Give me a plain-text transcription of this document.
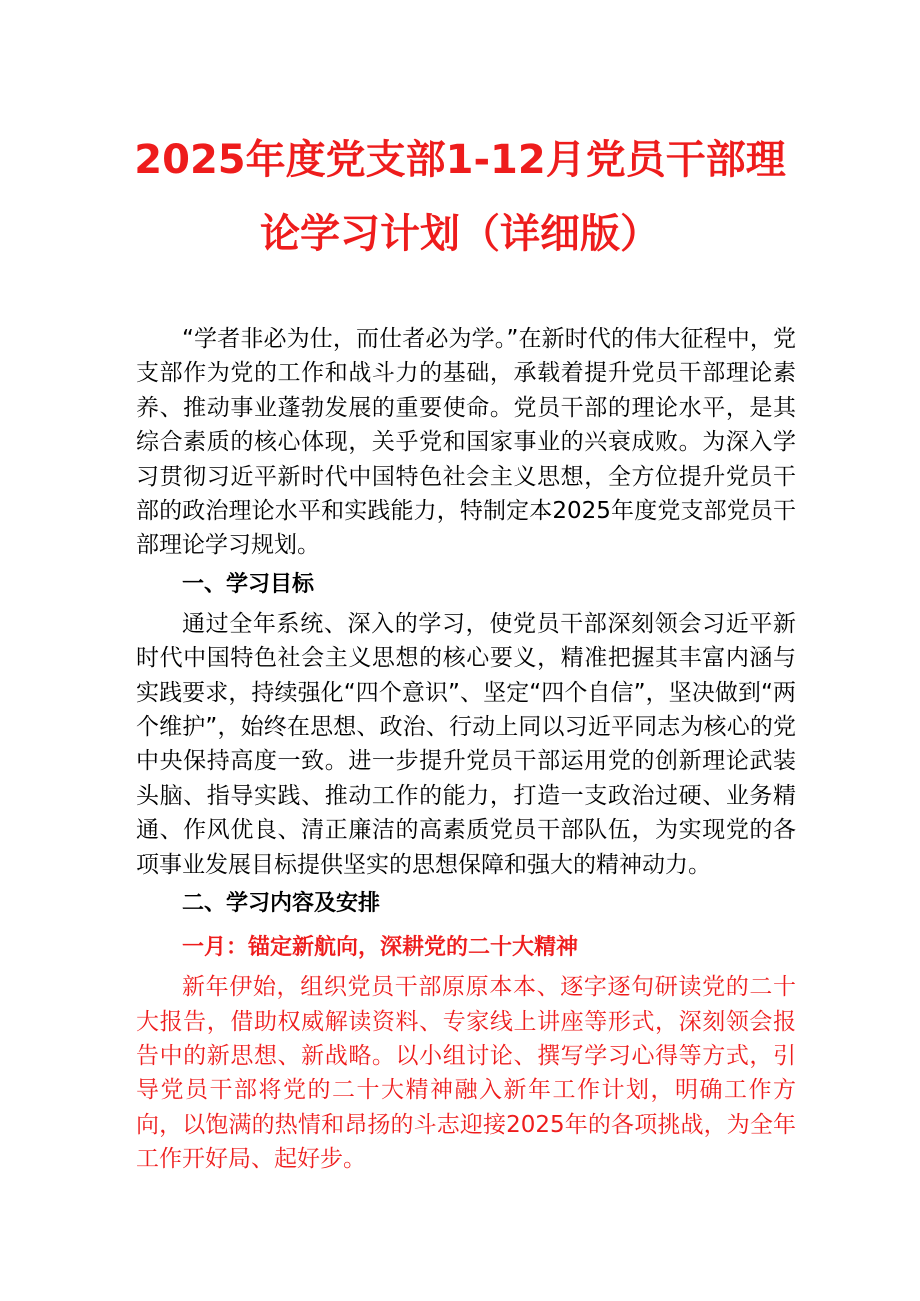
2025年度党支部1-12月党员干部理
论学习计划（详细版）

“学者非必为仕，而仕者必为学。”在新时代的伟大征程中，党支部作为党的工作和战斗力的基础，承载着提升党员干部理论素养、推动事业蓬勃发展的重要使命。党员干部的理论水平，是其综合素质的核心体现，关乎党和国家事业的兴衰成败。为深入学习贯彻习近平新时代中国特色社会主义思想，全方位提升党员干部的政治理论水平和实践能力，特制定本2025年度党支部党员干部理论学习规划。

一、学习目标

通过全年系统、深入的学习，使党员干部深刻领会习近平新时代中国特色社会主义思想的核心要义，精准把握其丰富内涵与实践要求，持续强化“四个意识”、坚定“四个自信”，坚决做到“两个维护”，始终在思想、政治、行动上同以习近平同志为核心的党中央保持高度一致。进一步提升党员干部运用党的创新理论武装头脑、指导实践、推动工作的能力，打造一支政治过硬、业务精通、作风优良、清正廉洁的高素质党员干部队伍，为实现党的各项事业发展目标提供坚实的思想保障和强大的精神动力。

二、学习内容及安排

一月：锚定新航向，深耕党的二十大精神

新年伊始，组织党员干部原原本本、逐字逐句研读党的二十大报告，借助权威解读资料、专家线上讲座等形式，深刻领会报告中的新思想、新战略。以小组讨论、撰写学习心得等方式，引导党员干部将党的二十大精神融入新年工作计划，明确工作方向，以饱满的热情和昂扬的斗志迎接2025年的各项挑战，为全年工作开好局、起好步。
